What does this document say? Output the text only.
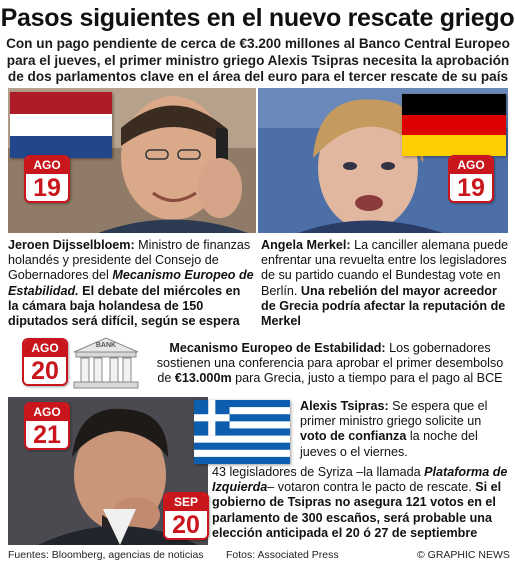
Pasos siguientes en el nuevo rescate griego
Con un pago pendiente de cerca de €3.200 millones al Banco Central Europeo para el jueves, el primer ministro griego Alexis Tsipras necesita la aprobación de dos parlamentos clave en el área del euro para el tercer rescate de su país
AGO
19
AGO
19
Jeroen Dijsselbloem: Ministro de finanzas holandés y presidente del Consejo de Gobernadores del Mecanismo Europeo de Estabilidad. El debate del miércoles en la cámara baja holandesa de 150 diputados será difícil, según se espera
Angela Merkel: La canciller alemana puede enfrentar una revuelta entre los legisladores de su partido cuando el Bundestag vote en Berlín. Una rebelión del mayor acreedor de Grecia podría afectar la reputación de Merkel
AGO
20
BANK	Mecanismo Europeo de Estabilidad: Los gobernadores sostienen una conferencia para aprobar el primer desembolso de €13.000m para Grecia, justo a tiempo para el pago al BCE
AGO
21
Alexis Tsipras: Se espera que el primer ministro griego solicite un voto de confianza la noche del jueves o el viernes.
43 legisladores de Syriza –la llamada Plataforma de Izquierda– votaron contra le pacto de rescate. Si el gobierno de Tsipras no asegura 121 votos en el parlamento de 300 escaños, será probable una elección anticipada el 20 ó 27 de septiembre
SEP
20
Fuentes: Bloomberg, agencias de noticias Fotos: Associated Press	© GRAPHIC NEWS
